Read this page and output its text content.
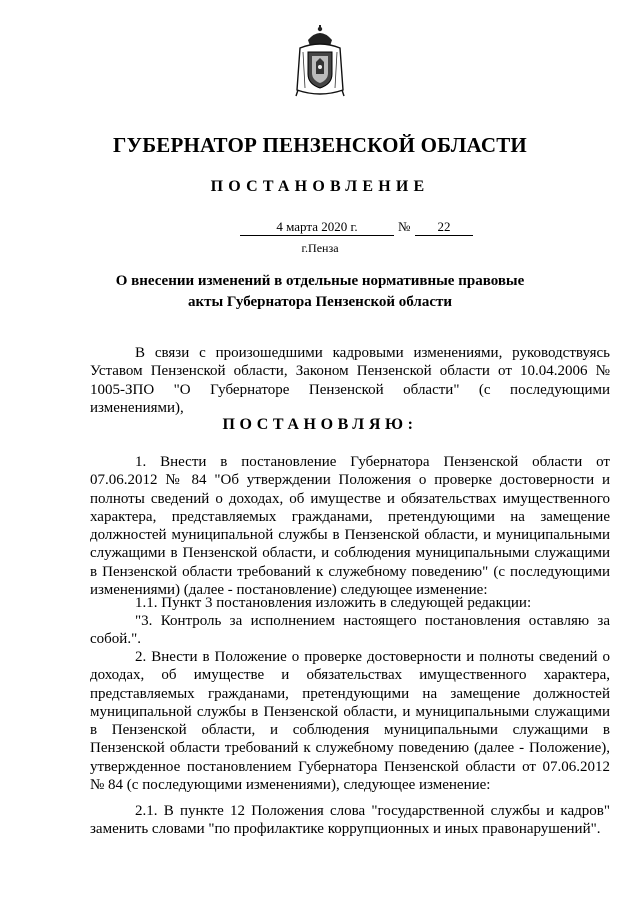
ГУБЕРНАТОР ПЕНЗЕНСКОЙ ОБЛАСТИ
ПОСТАНОВЛЕНИЕ
4 марта 2020 г.	№	22
г.Пенза
О внесении изменений в отдельные нормативные правовые
акты Губернатора Пензенской области
В связи с произошедшими кадровыми изменениями, руководствуясь Уставом Пензенской области, Законом Пензенской области от 10.04.2006 № 1005-ЗПО "О Губернаторе Пензенской области" (с последующими изменениями),
ПОСТАНОВЛЯЮ:
1. Внести в постановление Губернатора Пензенской области от 07.06.2012 № 84 "Об утверждении Положения о проверке достоверности и полноты сведений о доходах, об имуществе и обязательствах имущественного характера, представляемых гражданами, претендующими на замещение должностей муниципальной службы в Пензенской области, и муниципальными служащими в Пензенской области, и соблюдения муниципальными служащими в Пензенской области требований к служебному поведению" (с последующими изменениями) (далее - постановление) следующее изменение:
1.1. Пункт 3 постановления изложить в следующей редакции:
"3. Контроль за исполнением настоящего постановления оставляю за собой.".
2. Внести в Положение о проверке достоверности и полноты сведений о доходах, об имуществе и обязательствах имущественного характера, представляемых гражданами, претендующими на замещение должностей муниципальной службы в Пензенской области, и муниципальными служащими в Пензенской области, и соблюдения муниципальными служащими в Пензенской области требований к служебному поведению (далее - Положение), утвержденное постановлением Губернатора Пензенской области от 07.06.2012 № 84 (с последующими изменениями), следующее изменение:
2.1. В пункте 12 Положения слова "государственной службы и кадров" заменить словами "по профилактике коррупционных и иных правонарушений".
